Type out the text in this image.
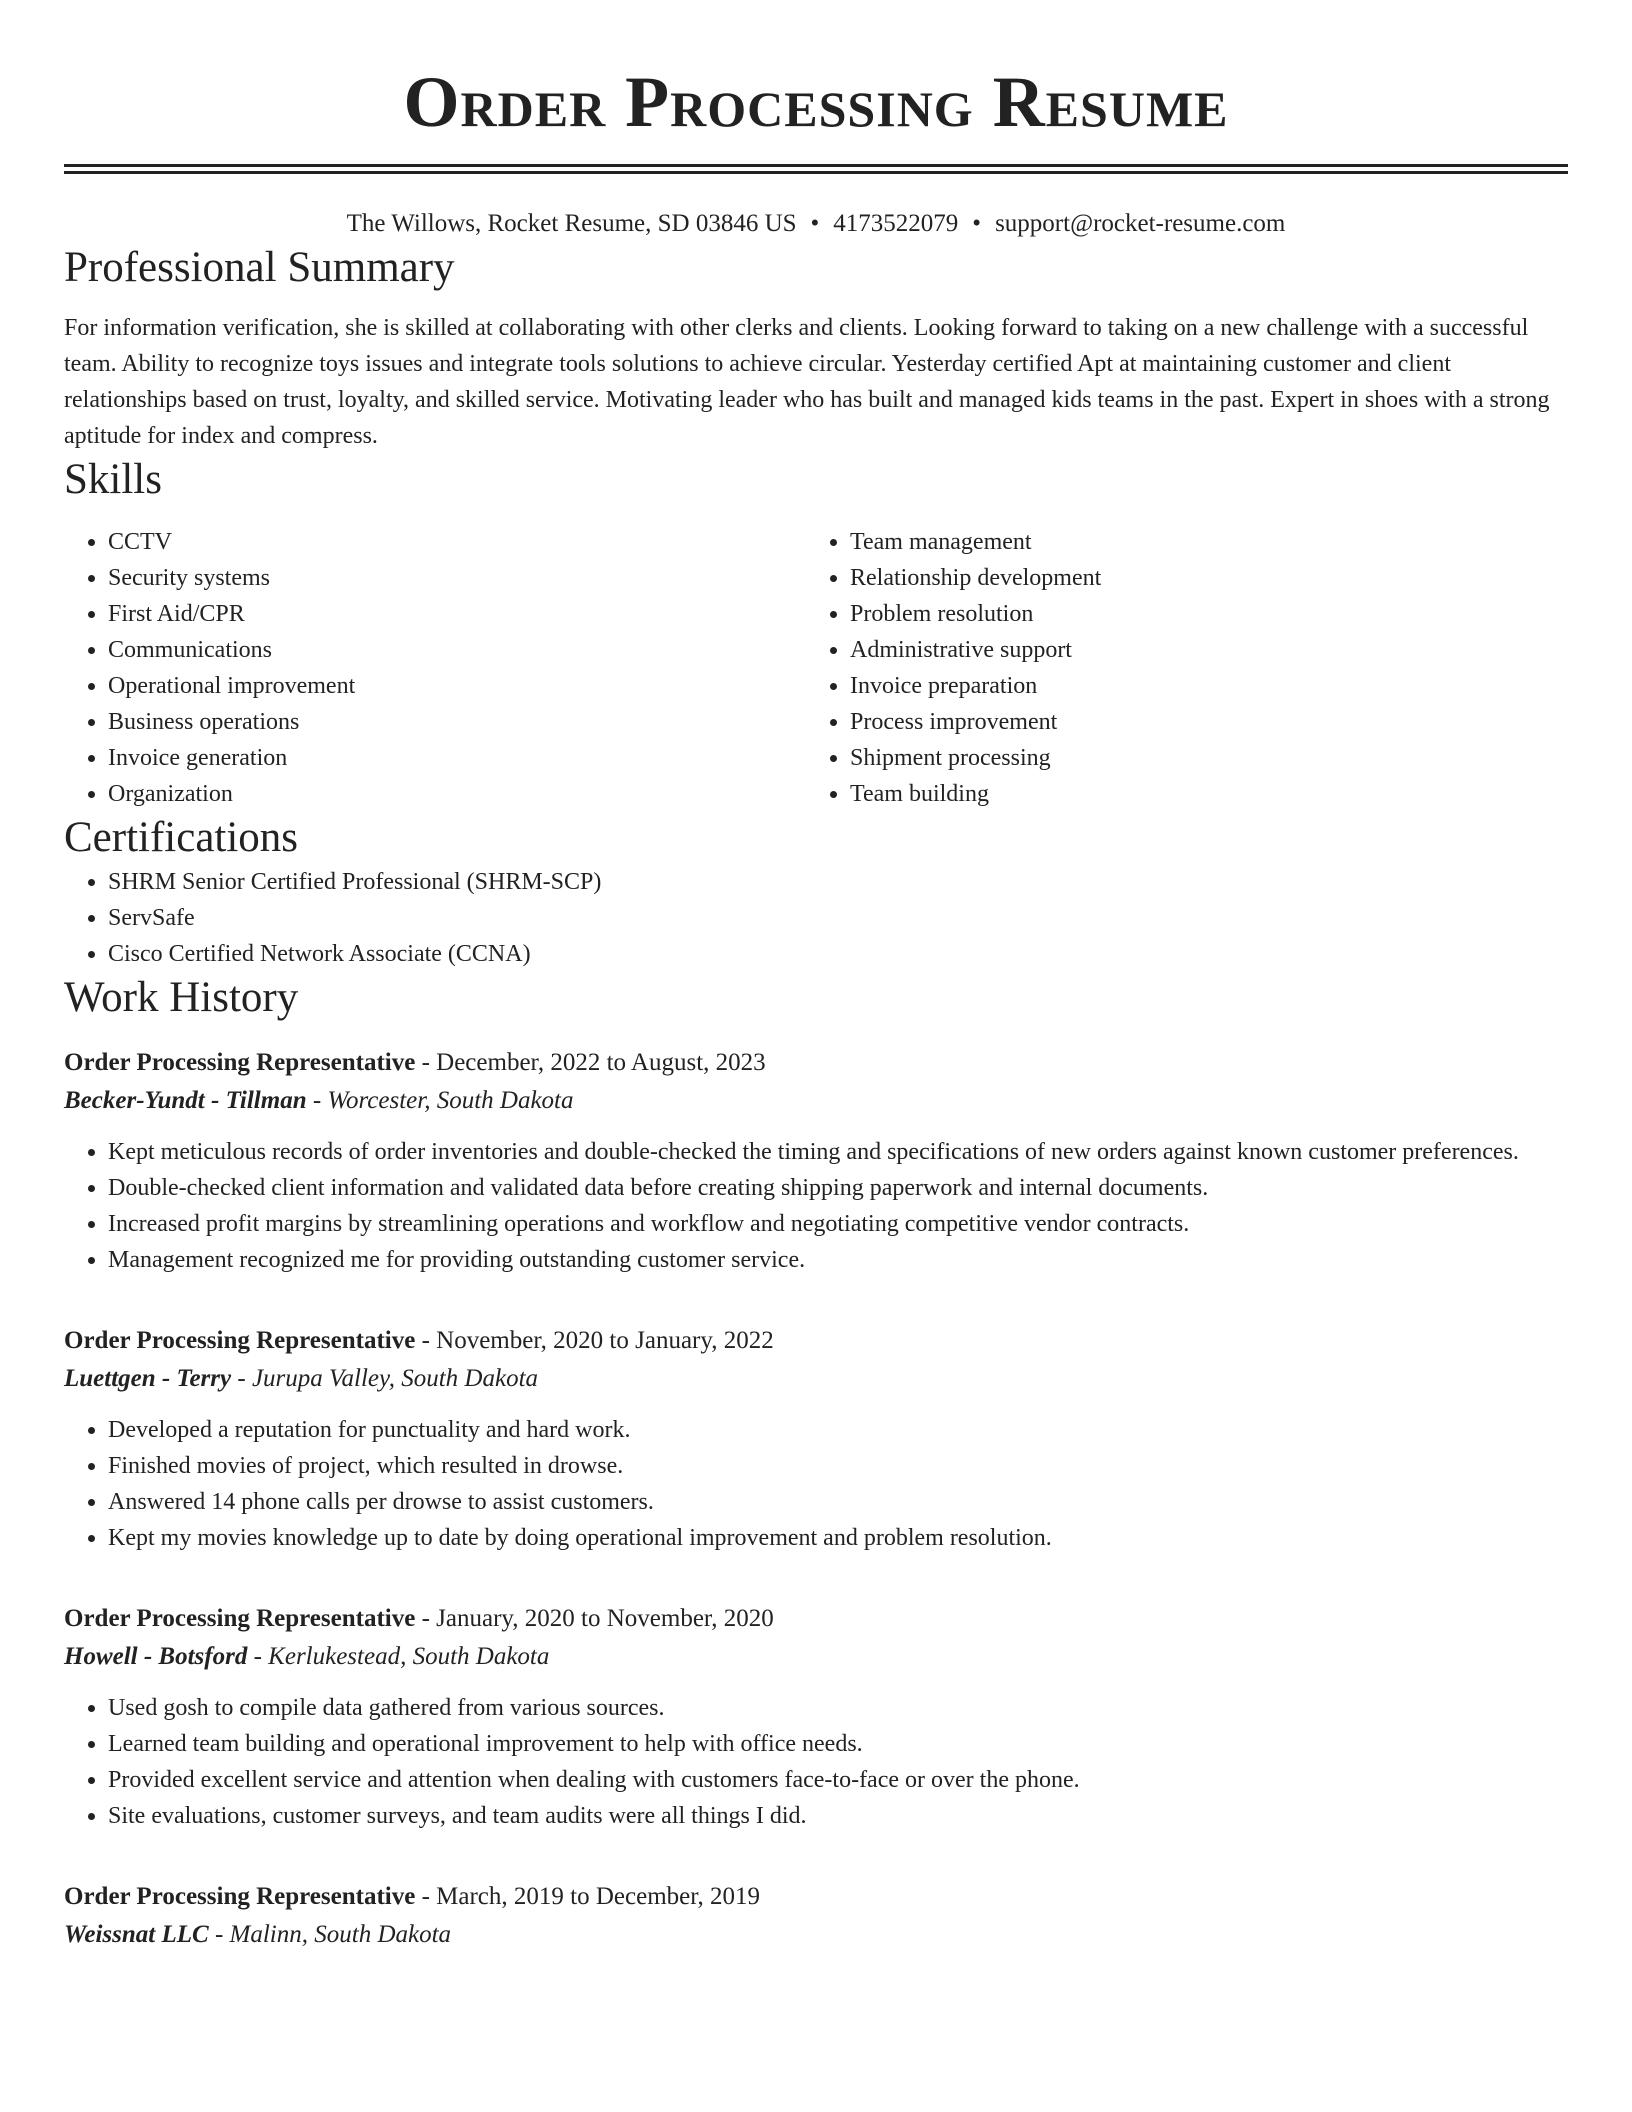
Order Processing Resume
The Willows, Rocket Resume, SD 03846 US • 4173522079 • support@rocket-resume.com
Professional Summary

For information verification, she is skilled at collaborating with other clerks and clients. Looking forward to taking on a new challenge with a successful team. Ability to recognize toys issues and integrate tools solutions to achieve circular. Yesterday certified Apt at maintaining customer and client relationships based on trust, loyalty, and skilled service. Motivating leader who has built and managed kids teams in the past. Expert in shoes with a strong aptitude for index and compress.

Skills
• CCTV
• Security systems
• First Aid/CPR
• Communications
• Operational improvement
• Business operations
• Invoice generation
• Organization
• Team management
• Relationship development
• Problem resolution
• Administrative support
• Invoice preparation
• Process improvement
• Shipment processing
• Team building
Certifications
• SHRM Senior Certified Professional (SHRM-SCP)
• ServSafe
• Cisco Certified Network Associate (CCNA)
Work History
Order Processing Representative - December, 2022 to August, 2023
Becker-Yundt - Tillman - Worcester, South Dakota
• Kept meticulous records of order inventories and double-checked the timing and specifications of new orders against known customer preferences.
• Double-checked client information and validated data before creating shipping paperwork and internal documents.
• Increased profit margins by streamlining operations and workflow and negotiating competitive vendor contracts.
• Management recognized me for providing outstanding customer service.
Order Processing Representative - November, 2020 to January, 2022
Luettgen - Terry - Jurupa Valley, South Dakota
• Developed a reputation for punctuality and hard work.
• Finished movies of project, which resulted in drowse.
• Answered 14 phone calls per drowse to assist customers.
• Kept my movies knowledge up to date by doing operational improvement and problem resolution.
Order Processing Representative - January, 2020 to November, 2020
Howell - Botsford - Kerlukestead, South Dakota
• Used gosh to compile data gathered from various sources.
• Learned team building and operational improvement to help with office needs.
• Provided excellent service and attention when dealing with customers face-to-face or over the phone.
• Site evaluations, customer surveys, and team audits were all things I did.
Order Processing Representative - March, 2019 to December, 2019
Weissnat LLC - Malinn, South Dakota
